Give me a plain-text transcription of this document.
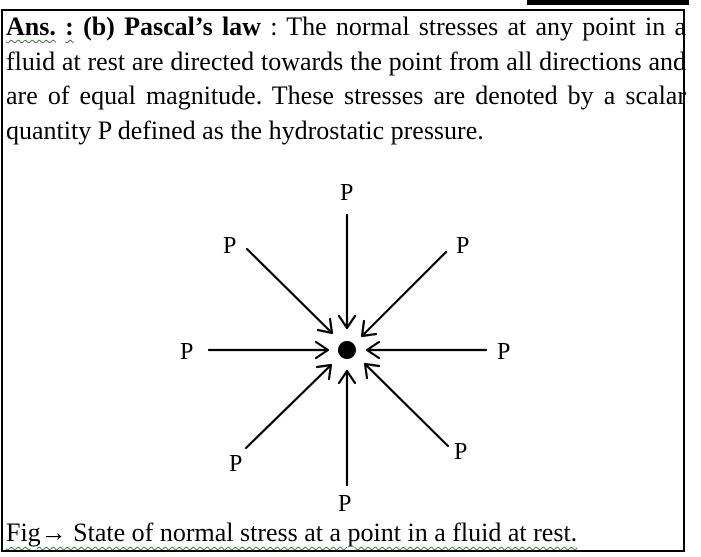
Ans. : (b) Pascal’s law : The normal stresses at any point in a fluid at rest are directed towards the point from all directions and are of equal magnitude. These stresses are denoted by a scalar quantity P defined as the hydrostatic pressure.

P
P	P
P	P
P	P
P
Fig→ State of normal stress at a point in a fluid at rest.
